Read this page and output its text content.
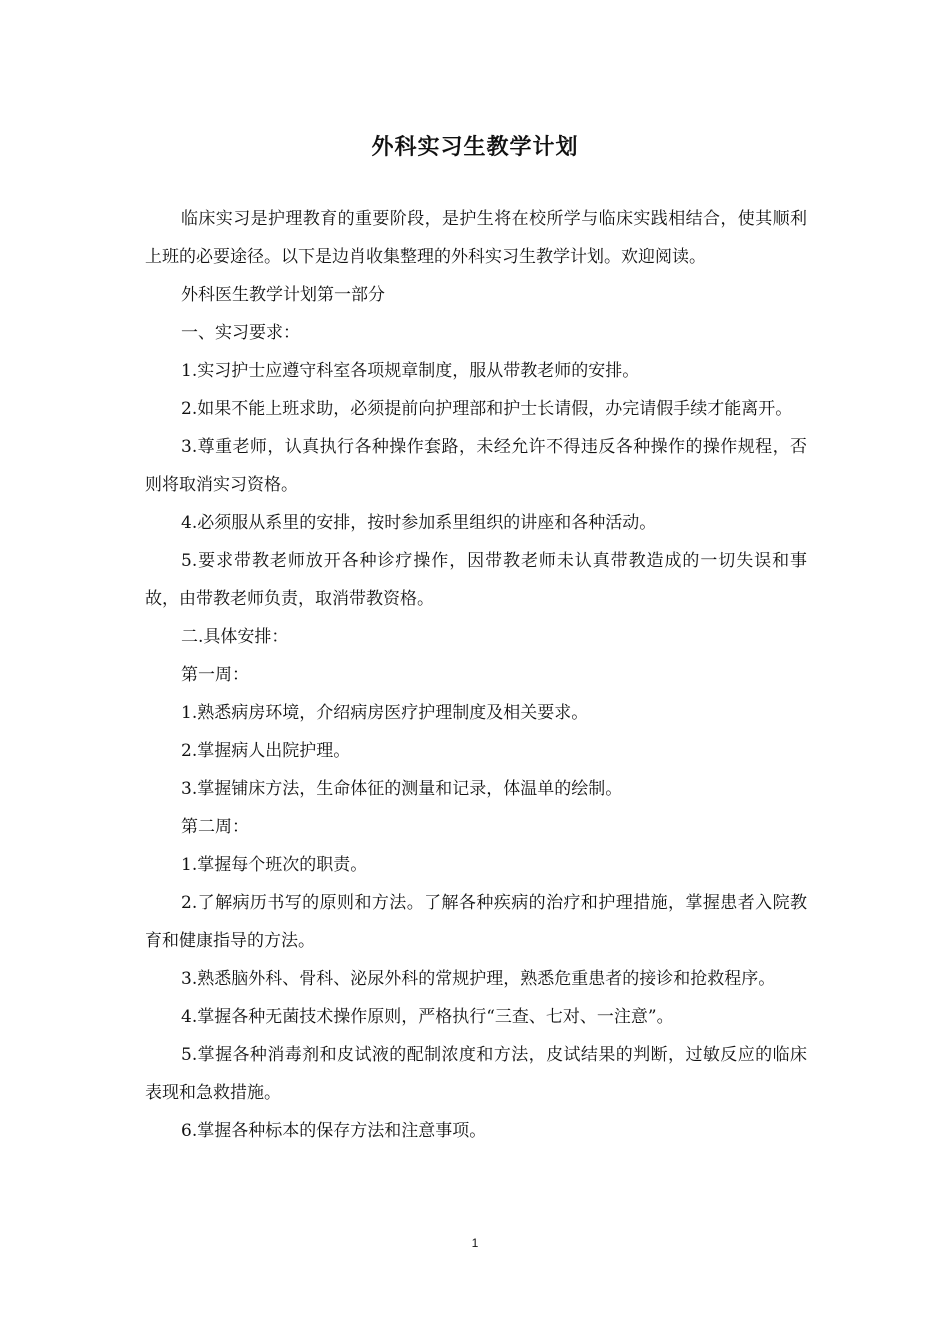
外科实习生教学计划

临床实习是护理教育的重要阶段，是护生将在校所学与临床实践相结合，使其顺利上班的必要途径。以下是边肖收集整理的外科实习生教学计划。欢迎阅读。

外科医生教学计划第一部分

一、实习要求：

1.实习护士应遵守科室各项规章制度，服从带教老师的安排。

2.如果不能上班求助，必须提前向护理部和护士长请假，办完请假手续才能离开。

3.尊重老师，认真执行各种操作套路，未经允许不得违反各种操作的操作规程，否则将取消实习资格。

4.必须服从系里的安排，按时参加系里组织的讲座和各种活动。

5.要求带教老师放开各种诊疗操作，因带教老师未认真带教造成的一切失误和事故，由带教老师负责，取消带教资格。

二.具体安排：

第一周：

1.熟悉病房环境，介绍病房医疗护理制度及相关要求。

2.掌握病人出院护理。

3.掌握铺床方法，生命体征的测量和记录，体温单的绘制。

第二周：

1.掌握每个班次的职责。

2.了解病历书写的原则和方法。了解各种疾病的治疗和护理措施，掌握患者入院教育和健康指导的方法。

3.熟悉脑外科、骨科、泌尿外科的常规护理，熟悉危重患者的接诊和抢救程序。

4.掌握各种无菌技术操作原则，严格执行“三查、七对、一注意”。

5.掌握各种消毒剂和皮试液的配制浓度和方法，皮试结果的判断，过敏反应的临床表现和急救措施。

6.掌握各种标本的保存方法和注意事项。

1
